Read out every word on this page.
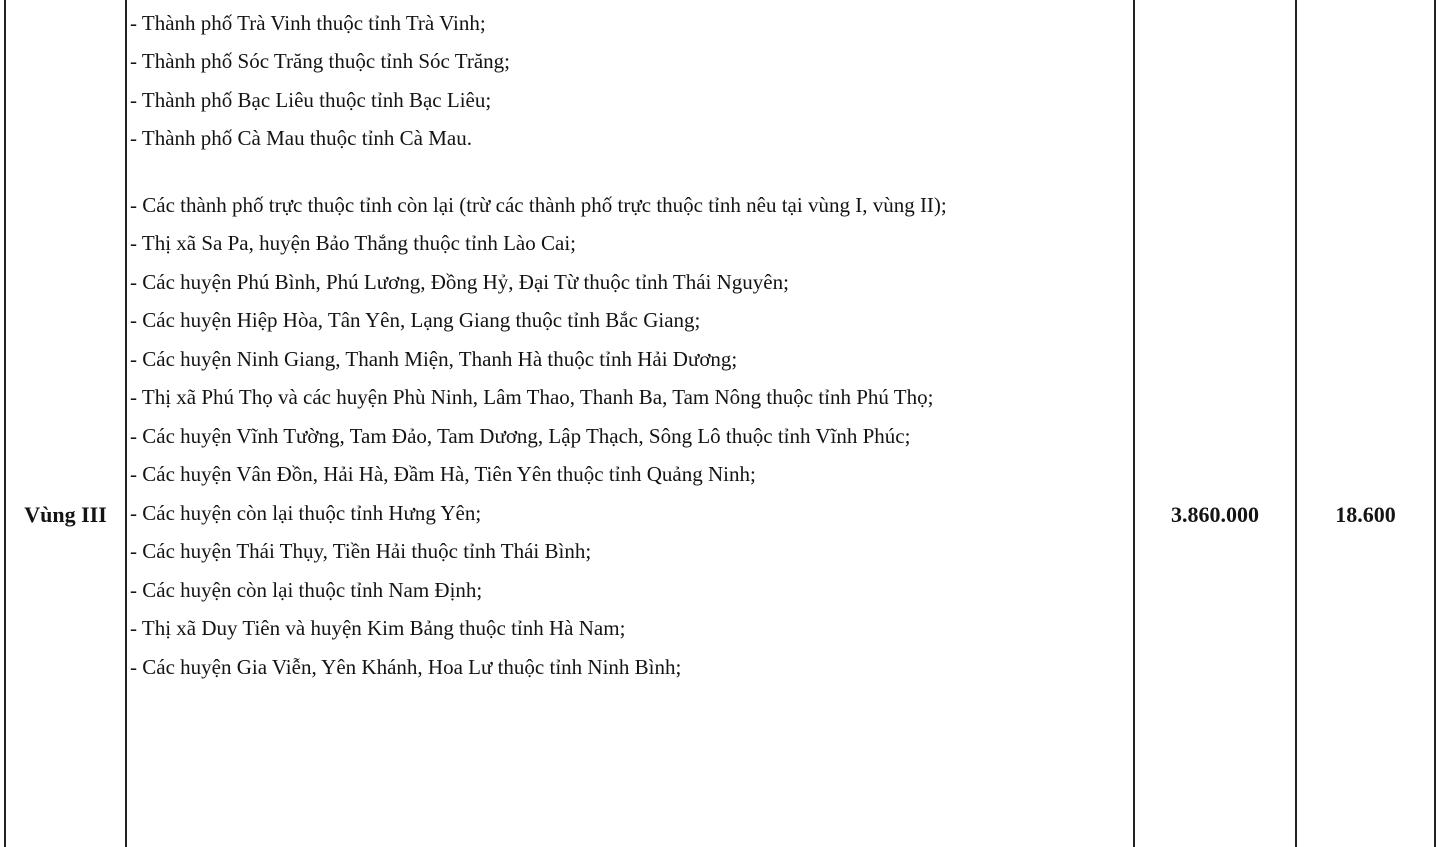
- Thành phố Trà Vinh thuộc tỉnh Trà Vinh;

- Thành phố Sóc Trăng thuộc tỉnh Sóc Trăng;

- Thành phố Bạc Liêu thuộc tỉnh Bạc Liêu;

- Thành phố Cà Mau thuộc tỉnh Cà Mau.

Vùng III

- Các thành phố trực thuộc tỉnh còn lại (trừ các thành phố trực thuộc tỉnh nêu tại vùng I, vùng II);

- Thị xã Sa Pa, huyện Bảo Thắng thuộc tỉnh Lào Cai;

- Các huyện Phú Bình, Phú Lương, Đồng Hỷ, Đại Từ thuộc tỉnh Thái Nguyên;

- Các huyện Hiệp Hòa, Tân Yên, Lạng Giang thuộc tỉnh Bắc Giang;

- Các huyện Ninh Giang, Thanh Miện, Thanh Hà thuộc tỉnh Hải Dương;

- Thị xã Phú Thọ và các huyện Phù Ninh, Lâm Thao, Thanh Ba, Tam Nông thuộc tỉnh Phú Thọ;

- Các huyện Vĩnh Tường, Tam Đảo, Tam Dương, Lập Thạch, Sông Lô thuộc tỉnh Vĩnh Phúc;

- Các huyện Vân Đồn, Hải Hà, Đầm Hà, Tiên Yên thuộc tỉnh Quảng Ninh;

- Các huyện còn lại thuộc tỉnh Hưng Yên;

- Các huyện Thái Thụy, Tiền Hải thuộc tỉnh Thái Bình;

- Các huyện còn lại thuộc tỉnh Nam Định;

- Thị xã Duy Tiên và huyện Kim Bảng thuộc tỉnh Hà Nam;

- Các huyện Gia Viễn, Yên Khánh, Hoa Lư thuộc tỉnh Ninh Bình;

3.860.000	18.600
